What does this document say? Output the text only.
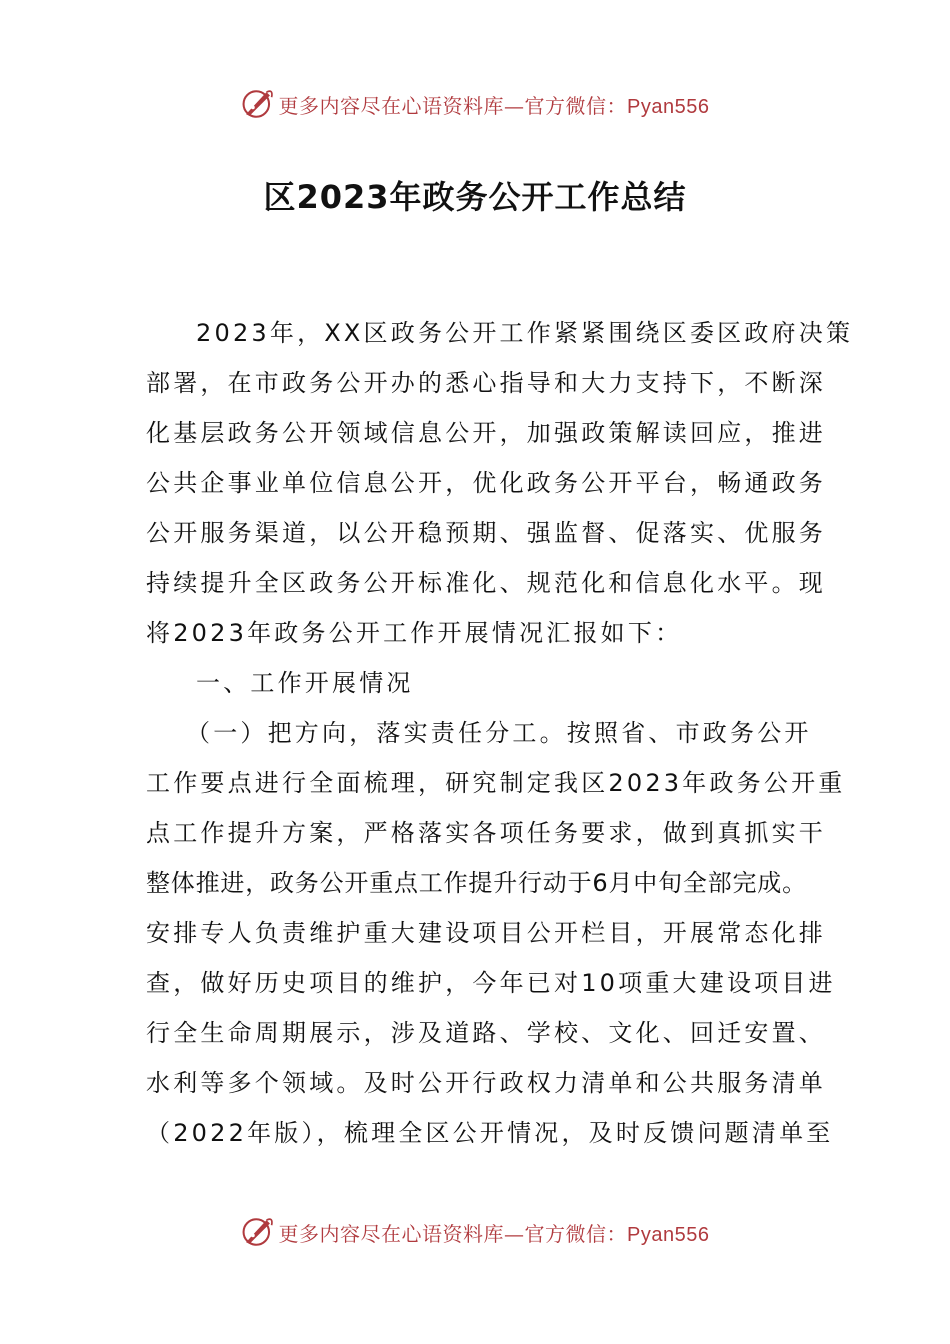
更多内容尽在心语资料库—官方微信：Pyan556
区2023年政务公开工作总结
2023年，XX区政务公开工作紧紧围绕区委区政府决策
部署，在市政务公开办的悉心指导和大力支持下，不断深
化基层政务公开领域信息公开，加强政策解读回应，推进
公共企事业单位信息公开，优化政务公开平台，畅通政务
公开服务渠道，以公开稳预期、强监督、促落实、优服务
持续提升全区政务公开标准化、规范化和信息化水平。现
将2023年政务公开工作开展情况汇报如下：
一、工作开展情况
（一）把方向，落实责任分工。按照省、市政务公开
工作要点进行全面梳理，研究制定我区2023年政务公开重
点工作提升方案，严格落实各项任务要求，做到真抓实干
整体推进，政务公开重点工作提升行动于6月中旬全部完成。
安排专人负责维护重大建设项目公开栏目，开展常态化排
查，做好历史项目的维护，今年已对10项重大建设项目进
行全生命周期展示，涉及道路、学校、文化、回迁安置、
水利等多个领域。及时公开行政权力清单和公共服务清单
（2022年版），梳理全区公开情况，及时反馈问题清单至
更多内容尽在心语资料库—官方微信：Pyan556
